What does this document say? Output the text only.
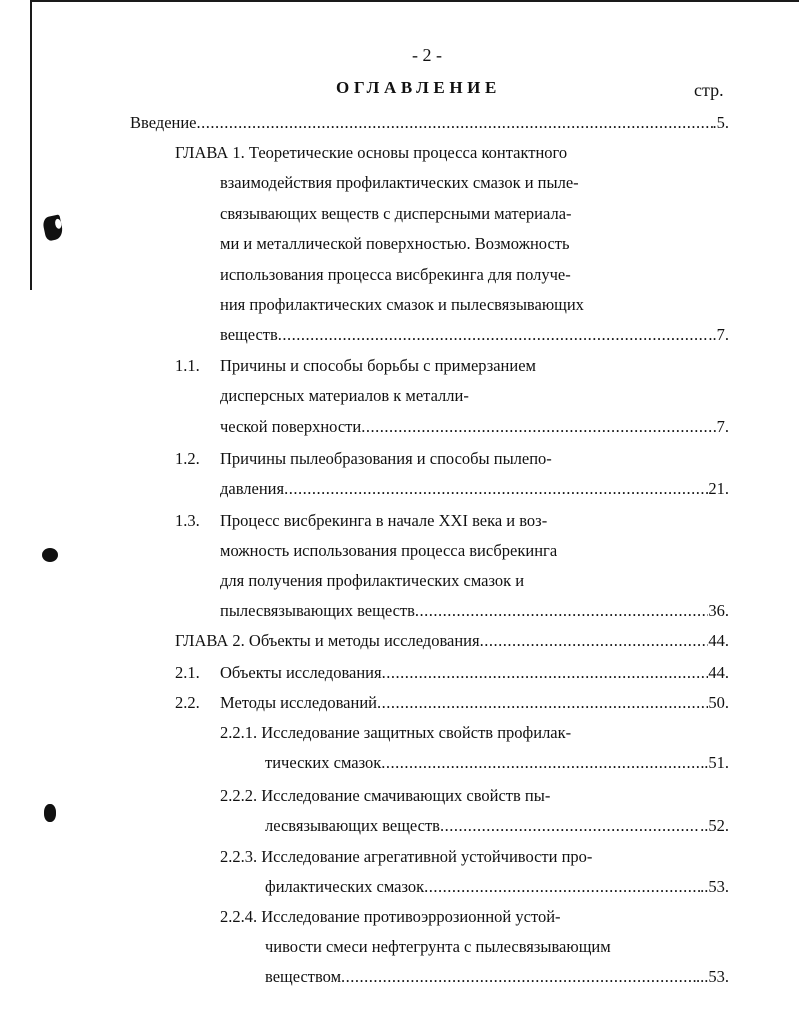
- 2 -
ОГЛАВЛЕНИЕ	стр.
Введение .....	.5.
ГЛАВА 1. Теоретические основы процесса контактного
взаимодействия профилактических смазок и пыле-
связывающих веществ с дисперсными материала-
ми и металлической поверхностью. Возможность
использования процесса висбрекинга для получе-
ния профилактических смазок и пылесвязывающих
веществ .....	..7.
1.1. Причины и способы борьбы с примерзанием
дисперсных материалов к металли-
ческой поверхности .....	7.
1.2. Причины пылеобразования и способы пылепо-
давления .....	21.
1.3. Процесс висбрекинга в начале XXI века и воз-
можность использования процесса висбрекинга
для получения профилактических смазок и
пылесвязывающих веществ .....	36.
ГЛАВА 2. Объекты и методы исследования .....	44.
2.1. Объекты исследования .....	44.
2.2. Методы исследований .....	50.
2.2.1. Исследование защитных свойств профилак-
тических смазок .....	.51.
2.2.2. Исследование смачивающих свойств пы-
лесвязывающих веществ .....	..52.
2.2.3. Исследование агрегативной устойчивости про-
филактических смазок .....	..53.
2.2.4. Исследование противоэррозионной устой-
чивости смеси нефтегрунта с пылесвязывающим
веществом .....	...53.
